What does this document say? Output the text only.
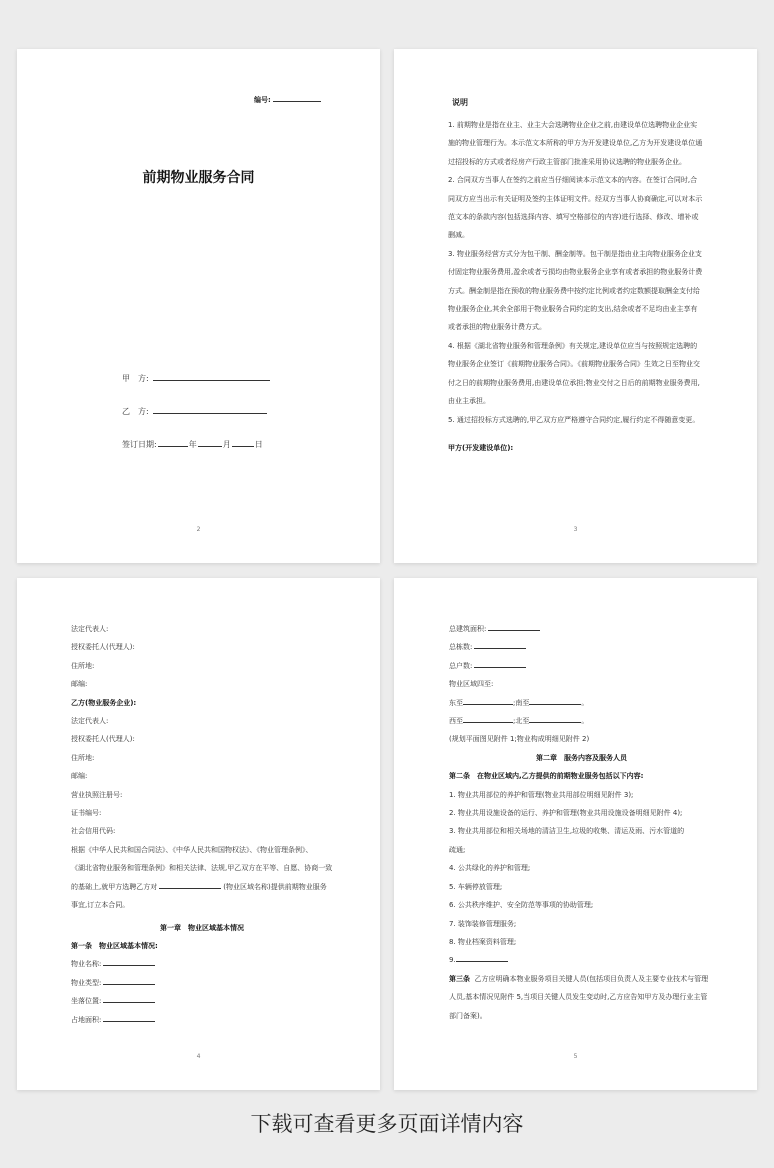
编号:
前期物业服务合同
甲　方:
乙　方:
签订日期:	年	月	日
2
说明

1. 前期物业是指在业主、业主大会选聘物业企业之前,由建设单位选聘物业企业实施的物业管理行为。本示范文本所称的甲方为开发建设单位,乙方为开发建设单位通过招投标的方式或者经房产行政主管部门批准采用协议选聘的物业服务企业。

2. 合同双方当事人在签约之前应当仔细阅读本示范文本的内容。在签订合同时,合同双方应当出示有关证明及签约主体证明文件。经双方当事人协商确定,可以对本示范文本的条款内容(包括选择内容、填写空格部位的内容)进行选择、修改、增补或删减。

3. 物业服务经营方式分为包干制、酬金制等。包干制是指由业主向物业服务企业支付固定物业服务费用,盈余或者亏损均由物业服务企业享有或者承担的物业服务计费方式。酬金制是指在预收的物业服务费中按约定比例或者约定数额提取酬金支付给物业服务企业,其余全部用于物业服务合同约定的支出,结余或者不足均由业主享有或者承担的物业服务计费方式。

4. 根据《湖北省物业服务和管理条例》有关规定,建设单位应当与按照规定选聘的物业服务企业签订《前期物业服务合同》。《前期物业服务合同》生效之日至物业交付之日的前期物业服务费用,由建设单位承担;物业交付之日后的前期物业服务费用,由业主承担。

5. 通过招投标方式选聘的,甲乙双方应严格遵守合同约定,履行约定不得随意变更。

甲方(开发建设单位):

3
法定代表人:
授权委托人(代理人):
住所地:
邮编:
乙方(物业服务企业):
法定代表人:
授权委托人(代理人):
住所地:
邮编:
营业执照注册号:
证书编号:
社会信用代码:
根据《中华人民共和国合同法》、《中华人民共和国物权法》、《物业管理条例》、
《湖北省物业服务和管理条例》和相关法律、法规,甲乙双方在平等、自愿、协商一致的基础上,就甲方选聘乙方对	(物业区域名称)提供前期物业服务事宜,订立本合同。
第一章　物业区域基本情况
第一条　物业区域基本情况:
物业名称:
物业类型:
坐落位置:
占地面积:
4
总建筑面积:
总栋数:
总户数:
物业区域四至:
东至	;南至	。
西至	;北至	。
(规划平面图见附件 1;物业构成明细见附件 2)
第二章　服务内容及服务人员
第二条　在物业区域内,乙方提供的前期物业服务包括以下内容:
1. 物业共用部位的养护和管理(物业共用部位明细见附件 3);
2. 物业共用设施设备的运行、养护和管理(物业共用设施设备明细见附件 4);
3. 物业共用部位和相关场地的清洁卫生,垃圾的收集、清运及雨、污水管道的
疏通;
4. 公共绿化的养护和管理;
5. 车辆停放管理;
6. 公共秩序维护、安全防范等事项的协助管理;
7. 装饰装修管理服务;
8. 物业档案资料管理;
9.
第三条 乙方应明确本物业服务项目关键人员(包括项目负责人及主要专业技术与管理人员,基本情况见附件 5,当项目关键人员发生变动时,乙方应告知甲方及办理行业主管部门备案)。
5
下载可查看更多页面详情内容
